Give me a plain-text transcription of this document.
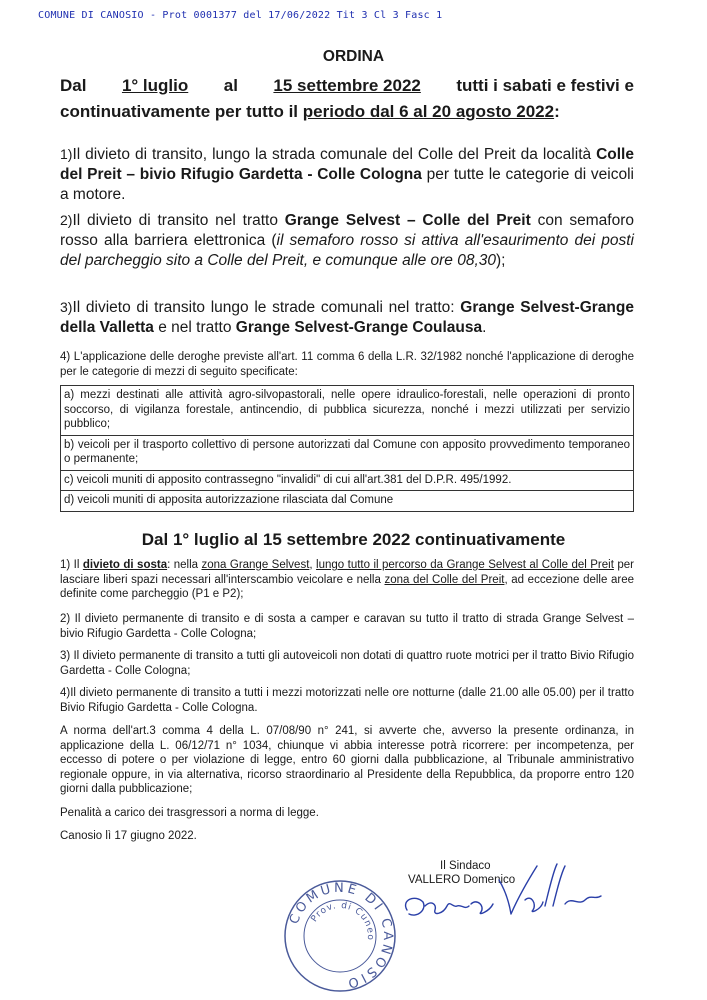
COMUNE DI CANOSIO - Prot 0001377 del 17/06/2022 Tit 3 Cl 3 Fasc 1
ORDINA
Dal 1° luglio al 15 settembre 2022 tutti i sabati e festivi e
continuativamente per tutto il periodo dal 6 al 20 agosto 2022:
1)Il divieto di transito, lungo la strada comunale del Colle del Preit da località Colle del Preit – bivio Rifugio Gardetta - Colle Cologna per tutte le categorie di veicoli a motore.
2)Il divieto di transito nel tratto Grange Selvest – Colle del Preit con semaforo rosso alla barriera elettronica (il semaforo rosso si attiva all'esaurimento dei posti del parcheggio sito a Colle del Preit, e comunque alle ore 08,30);
3)Il divieto di transito lungo le strade comunali nel tratto: Grange Selvest-Grange della Valletta e nel tratto Grange Selvest-Grange Coulausa.
4) L'applicazione delle deroghe previste all'art. 11 comma 6 della L.R. 32/1982 nonché l'applicazione di deroghe per le categorie di mezzi di seguito specificate:
a) mezzi destinati alle attività agro-silvopastorali, nelle opere idraulico-forestali, nelle operazioni di pronto soccorso, di vigilanza forestale, antincendio, di pubblica sicurezza, nonché i mezzi utilizzati per servizio pubblico;
b) veicoli per il trasporto collettivo di persone autorizzati dal Comune con apposito provvedimento temporaneo o permanente;
c) veicoli muniti di apposito contrassegno "invalidi" di cui all'art.381 del D.P.R. 495/1992.
d) veicoli muniti di apposita autorizzazione rilasciata dal Comune
Dal 1° luglio al 15 settembre 2022 continuativamente
1) Il divieto di sosta: nella zona Grange Selvest, lungo tutto il percorso da Grange Selvest al Colle del Preit per lasciare liberi spazi necessari all'interscambio veicolare e nella zona del Colle del Preit, ad eccezione delle aree definite come parcheggio (P1 e P2);
2) Il divieto permanente di transito e di sosta a camper e caravan su tutto il tratto di strada Grange Selvest – bivio Rifugio Gardetta - Colle Cologna;
3) Il divieto permanente di transito a tutti gli autoveicoli non dotati di quattro ruote motrici per il tratto Bivio Rifugio Gardetta - Colle Cologna;
4)Il divieto permanente di transito a tutti i mezzi motorizzati nelle ore notturne (dalle 21.00 alle 05.00) per il tratto Bivio Rifugio Gardetta - Colle Cologna.
A norma dell'art.3 comma 4 della L. 07/08/90 n° 241, si avverte che, avverso la presente ordinanza, in applicazione della L. 06/12/71 n° 1034, chiunque vi abbia interesse potrà ricorrere: per incompetenza, per eccesso di potere o per violazione di legge, entro 60 giorni dalla pubblicazione, al Tribunale amministrativo regionale oppure, in via alternativa, ricorso straordinario al Presidente della Repubblica, da proporre entro 120 giorni dalla pubblicazione;
Penalità a carico dei trasgressori a norma di legge.
Canosio lì 17 giugno 2022.
Il Sindaco
VALLERO Domenico
COMUNE DI CANOSIO
Prov. di Cuneo
